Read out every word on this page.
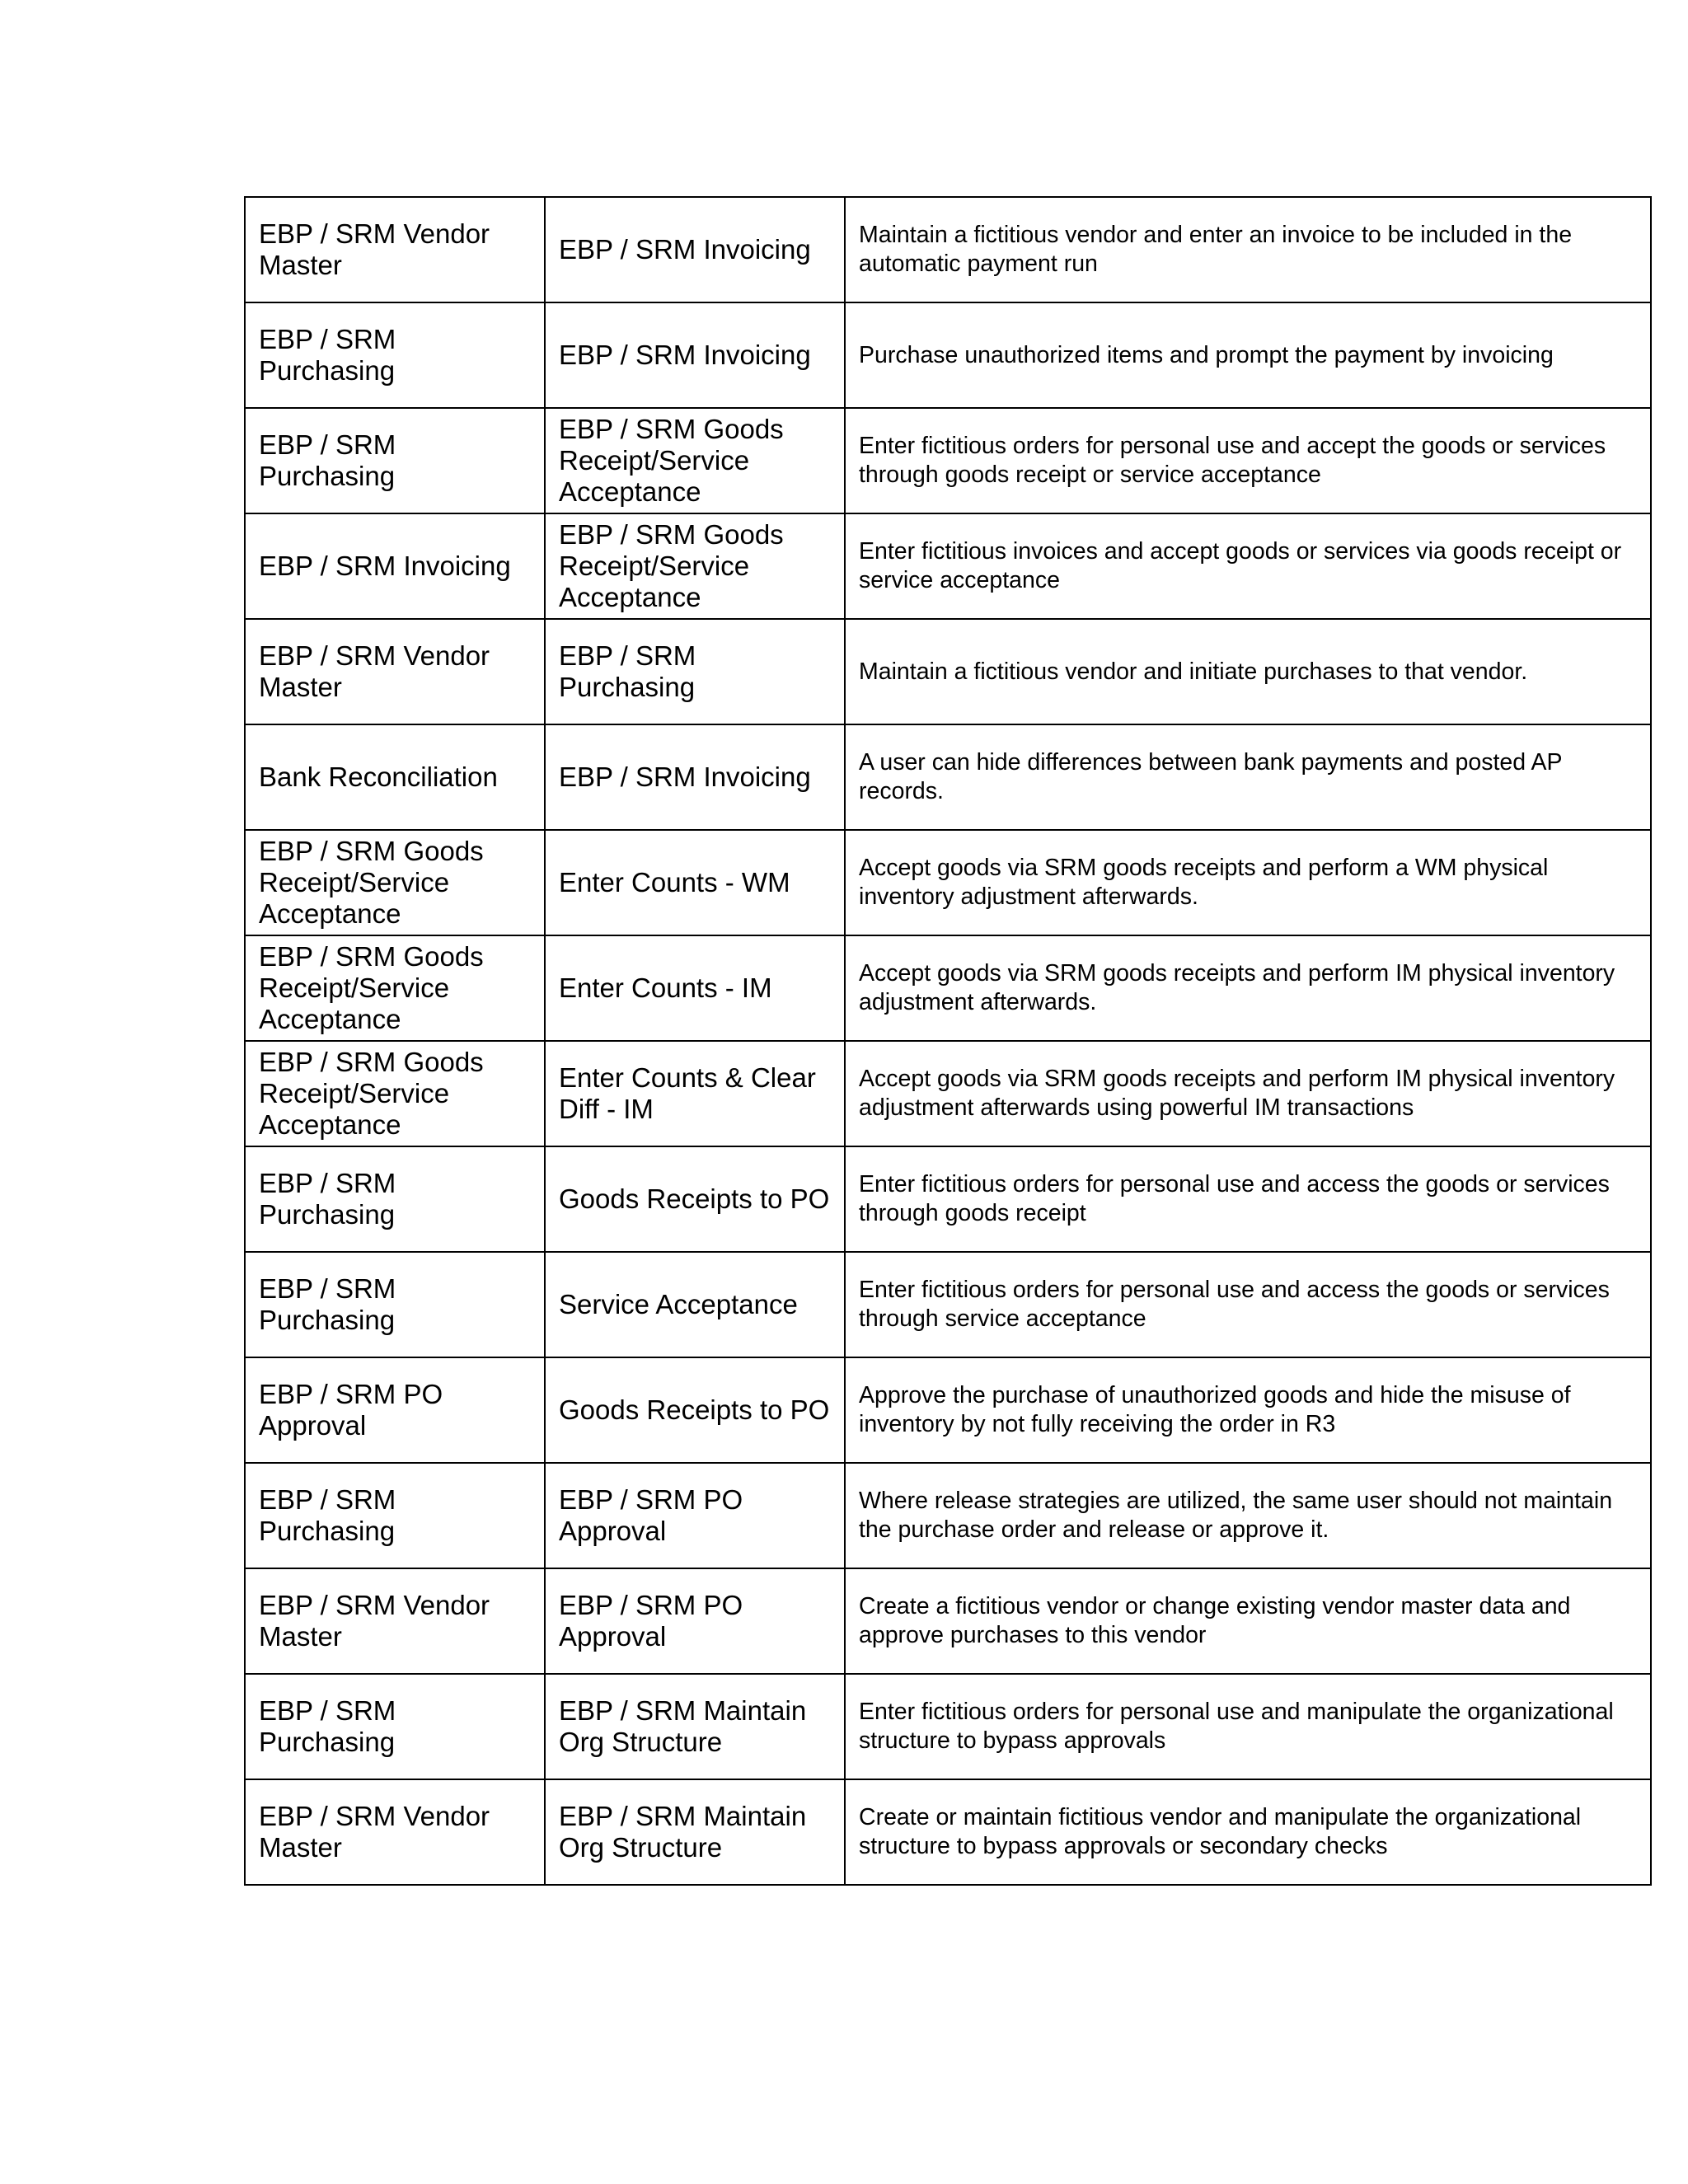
EBP / SRM Vendor Master	EBP / SRM Invoicing	Maintain a fictitious vendor and enter an invoice to be included in the automatic payment run
EBP / SRM Purchasing	EBP / SRM Invoicing	Purchase unauthorized items and prompt the payment by invoicing
EBP / SRM Purchasing	EBP / SRM Goods Receipt/Service Acceptance	Enter fictitious orders for personal use and accept the goods or services through goods receipt or service acceptance
EBP / SRM Invoicing	EBP / SRM Goods Receipt/Service Acceptance	Enter fictitious invoices and accept goods or services via goods receipt or service acceptance
EBP / SRM Vendor Master	EBP / SRM Purchasing	Maintain a fictitious vendor and initiate purchases to that vendor.
Bank Reconciliation	EBP / SRM Invoicing	A user can hide differences between bank payments and posted AP records.
EBP / SRM Goods Receipt/Service Acceptance	Enter Counts - WM	Accept goods via SRM goods receipts and perform a WM physical inventory adjustment afterwards.
EBP / SRM Goods Receipt/Service Acceptance	Enter Counts - IM	Accept goods via SRM goods receipts and perform IM physical inventory adjustment afterwards.
EBP / SRM Goods Receipt/Service Acceptance	Enter Counts & Clear Diff - IM	Accept goods via SRM goods receipts and perform IM physical inventory adjustment afterwards using powerful IM transactions
EBP / SRM Purchasing	Goods Receipts to PO	Enter fictitious orders for personal use and access the goods or services through goods receipt
EBP / SRM Purchasing	Service Acceptance	Enter fictitious orders for personal use and access the goods or services through service acceptance
EBP / SRM PO Approval	Goods Receipts to PO	Approve the purchase of unauthorized goods and hide the misuse of inventory by not fully receiving the order in R3
EBP / SRM Purchasing	EBP / SRM PO Approval	Where release strategies are utilized, the same user should not maintain the purchase order and release or approve it.
EBP / SRM Vendor Master	EBP / SRM PO Approval	Create a fictitious vendor or change existing vendor master data and approve purchases to this vendor
EBP / SRM Purchasing	EBP / SRM Maintain Org Structure	Enter fictitious orders for personal use and manipulate the organizational structure to bypass approvals
EBP / SRM Vendor Master	EBP / SRM Maintain Org Structure	Create or maintain fictitious vendor and manipulate the organizational structure to bypass approvals or secondary checks
